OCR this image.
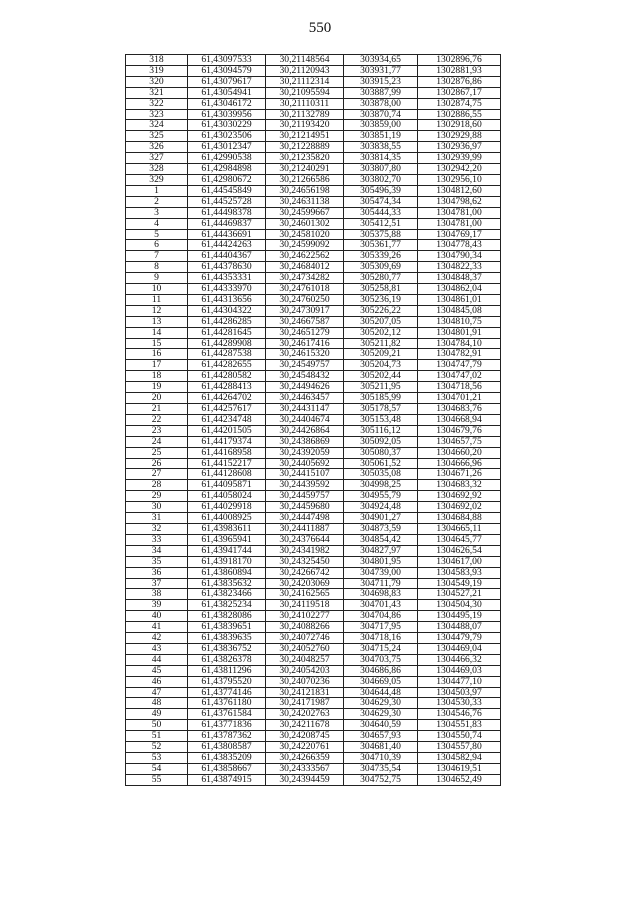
550
318	61,43097533	30,21148564	303934,65	1302896,76
319	61,43094579	30,21120943	303931,77	1302881,93
320	61,43079617	30,21112314	303915,23	1302876,86
321	61,43054941	30,21095594	303887,99	1302867,17
322	61,43046172	30,21110311	303878,00	1302874,75
323	61,43039956	30,21132789	303870,74	1302886,55
324	61,43030229	30,21193420	303859,00	1302918,60
325	61,43023506	30,21214951	303851,19	1302929,88
326	61,43012347	30,21228889	303838,55	1302936,97
327	61,42990538	30,21235820	303814,35	1302939,99
328	61,42984898	30,21240291	303807,80	1302942,20
329	61,42980672	30,21266586	303802,70	1302956,10
1	61,44545849	30,24656198	305496,39	1304812,60
2	61,44525728	30,24631138	305474,34	1304798,62
3	61,44498378	30,24599667	305444,33	1304781,00
4	61,44469837	30,24601302	305412,51	1304781,00
5	61,44436691	30,24581020	305375,88	1304769,17
6	61,44424263	30,24599092	305361,77	1304778,43
7	61,44404367	30,24622562	305339,26	1304790,34
8	61,44378630	30,24684012	305309,69	1304822,33
9	61,44353331	30,24734282	305280,77	1304848,37
10	61,44333970	30,24761018	305258,81	1304862,04
11	61,44313656	30,24760250	305236,19	1304861,01
12	61,44304322	30,24730917	305226,22	1304845,08
13	61,44286285	30,24667587	305207,05	1304810,75
14	61,44281645	30,24651279	305202,12	1304801,91
15	61,44289908	30,24617416	305211,82	1304784,10
16	61,44287538	30,24615320	305209,21	1304782,91
17	61,44282655	30,24549757	305204,73	1304747,79
18	61,44280582	30,24548432	305202,44	1304747,02
19	61,44288413	30,24494626	305211,95	1304718,56
20	61,44264702	30,24463457	305185,99	1304701,21
21	61,44257617	30,24431147	305178,57	1304683,76
22	61,44234748	30,24404674	305153,48	1304668,94
23	61,44201505	30,24426864	305116,12	1304679,76
24	61,44179374	30,24386869	305092,05	1304657,75
25	61,44168958	30,24392059	305080,37	1304660,20
26	61,44152217	30,24405692	305061,52	1304666,96
27	61,44128608	30,24415107	305035,08	1304671,26
28	61,44095871	30,24439592	304998,25	1304683,32
29	61,44058024	30,24459757	304955,79	1304692,92
30	61,44029918	30,24459680	304924,48	1304692,02
31	61,44008925	30,24447498	304901,27	1304684,88
32	61,43983611	30,24411887	304873,59	1304665,11
33	61,43965941	30,24376644	304854,42	1304645,77
34	61,43941744	30,24341982	304827,97	1304626,54
35	61,43918170	30,24325450	304801,95	1304617,00
36	61,43860894	30,24266742	304739,00	1304583,93
37	61,43835632	30,24203069	304711,79	1304549,19
38	61,43823466	30,24162565	304698,83	1304527,21
39	61,43825234	30,24119518	304701,43	1304504,30
40	61,43828086	30,24102277	304704,86	1304495,19
41	61,43839651	30,24088266	304717,95	1304488,07
42	61,43839635	30,24072746	304718,16	1304479,79
43	61,43836752	30,24052760	304715,24	1304469,04
44	61,43826378	30,24048257	304703,75	1304466,32
45	61,43811296	30,24054203	304686,86	1304469,03
46	61,43795520	30,24070236	304669,05	1304477,10
47	61,43774146	30,24121831	304644,48	1304503,97
48	61,43761180	30,24171987	304629,30	1304530,33
49	61,43761584	30,24202763	304629,30	1304546,76
50	61,43771836	30,24211678	304640,59	1304551,83
51	61,43787362	30,24208745	304657,93	1304550,74
52	61,43808587	30,24220761	304681,40	1304557,80
53	61,43835209	30,24266359	304710,39	1304582,94
54	61,43858667	30,24333567	304735,54	1304619,51
55	61,43874915	30,24394459	304752,75	1304652,49
